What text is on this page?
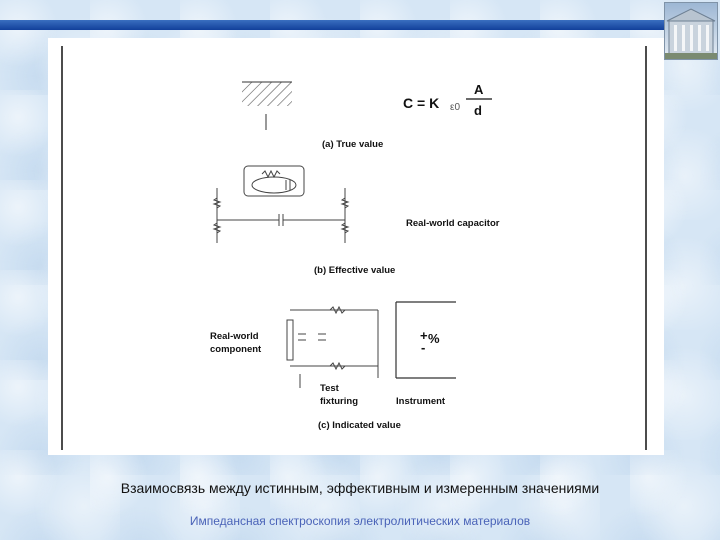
C = K ε0
A
d
(a) True value
Real-world capacitor
(b) Effective value
Real-world
component
+ %
-
Test
fixturing	Instrument
(c) Indicated value
Взаимосвязь между истинным, эффективным и измеренным значениями
Импедансная спектроскопия электролитических материалов
